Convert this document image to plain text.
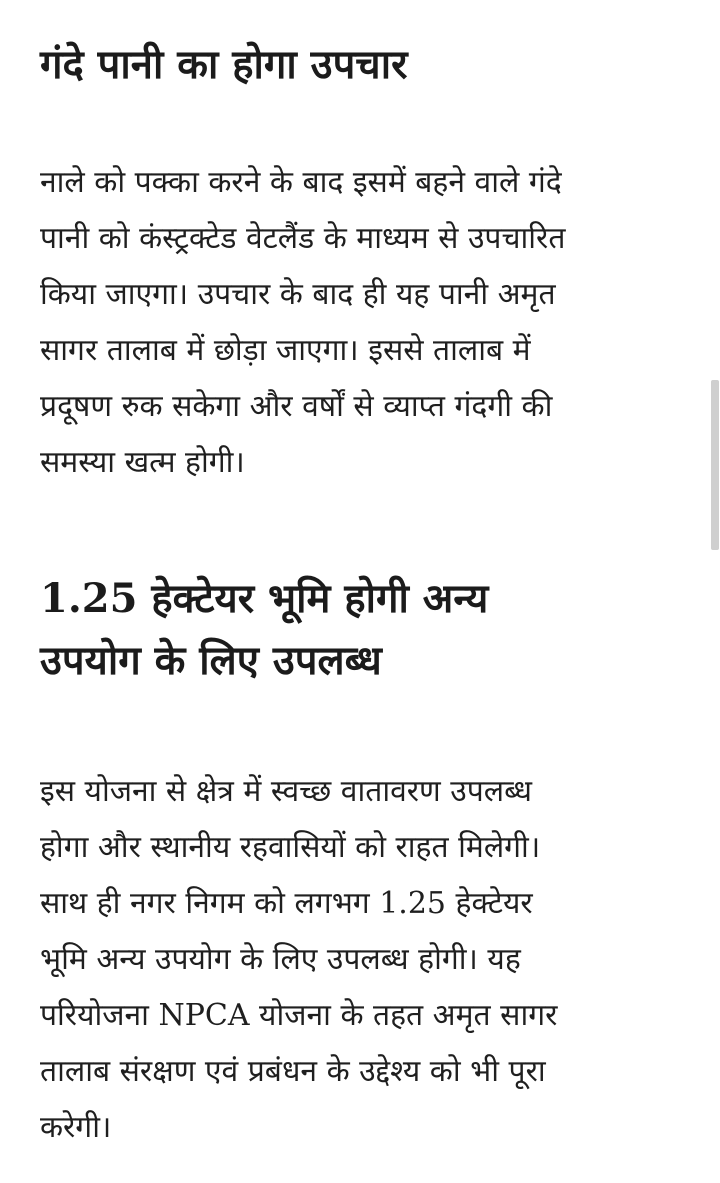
गंदे पानी का होगा उपचार

नाले को पक्का करने के बाद इसमें बहने वाले गंदे
पानी को कंस्ट्रक्टेड वेटलैंड के माध्यम से उपचारित
किया जाएगा। उपचार के बाद ही यह पानी अमृत
सागर तालाब में छोड़ा जाएगा। इससे तालाब में
प्रदूषण रुक सकेगा और वर्षों से व्याप्त गंदगी की
समस्या खत्म होगी।

1.25 हेक्टेयर भूमि होगी अन्य
उपयोग के लिए उपलब्ध

इस योजना से क्षेत्र में स्वच्छ वातावरण उपलब्ध
होगा और स्थानीय रहवासियों को राहत मिलेगी।
साथ ही नगर निगम को लगभग 1.25 हेक्टेयर
भूमि अन्य उपयोग के लिए उपलब्ध होगी। यह
परियोजना NPCA योजना के तहत अमृत सागर
तालाब संरक्षण एवं प्रबंधन के उद्देश्य को भी पूरा
करेगी।
